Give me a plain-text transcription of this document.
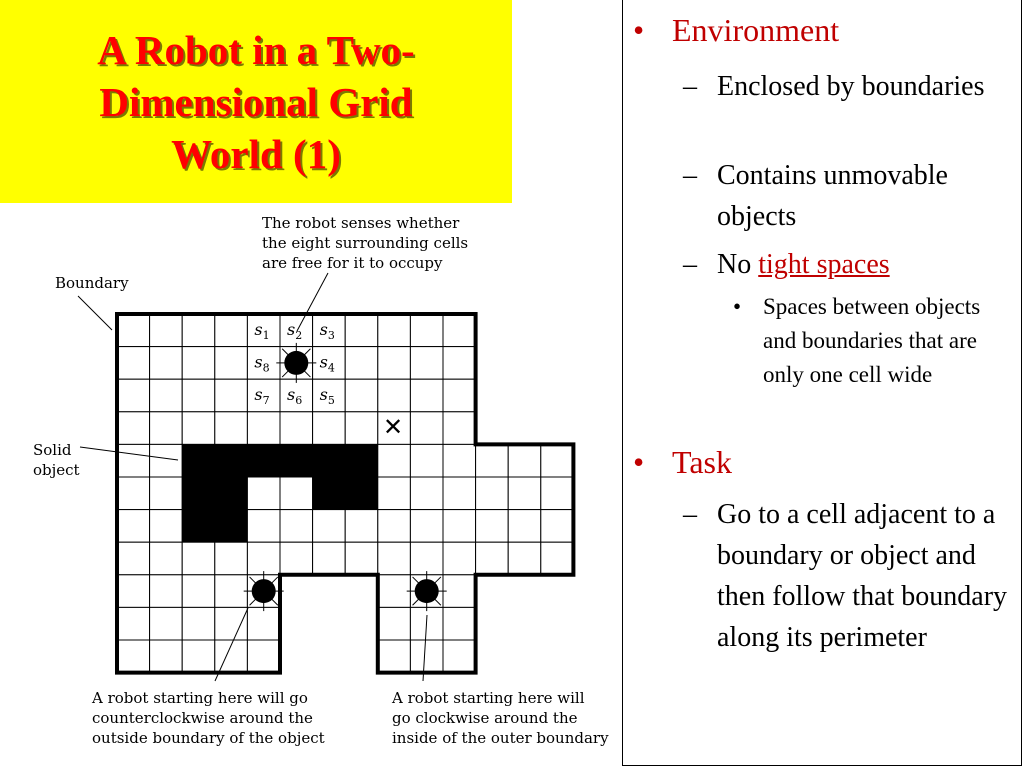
A Robot in a Two-
Dimensional Grid
World (1)
$s_1$ $s_2$ $s_3$
$s_4$
$s_5$
$s_6$
$s_7$
$s_8$
The robot senses whether
the eight surrounding cells
are free for it to occupy
Boundary
Solid
object
A robot starting here will go
counterclockwise around the
outside boundary of the object
A robot starting here will
go clockwise around the
inside of the outer boundary
✕
• Environment
– Enclosed by boundaries
– Contains unmovable objects
– No tight spaces
• Spaces between objects and boundaries that are only one cell wide
• Task
– Go to a cell adjacent to a boundary or object and then follow that boundary along its perimeter
